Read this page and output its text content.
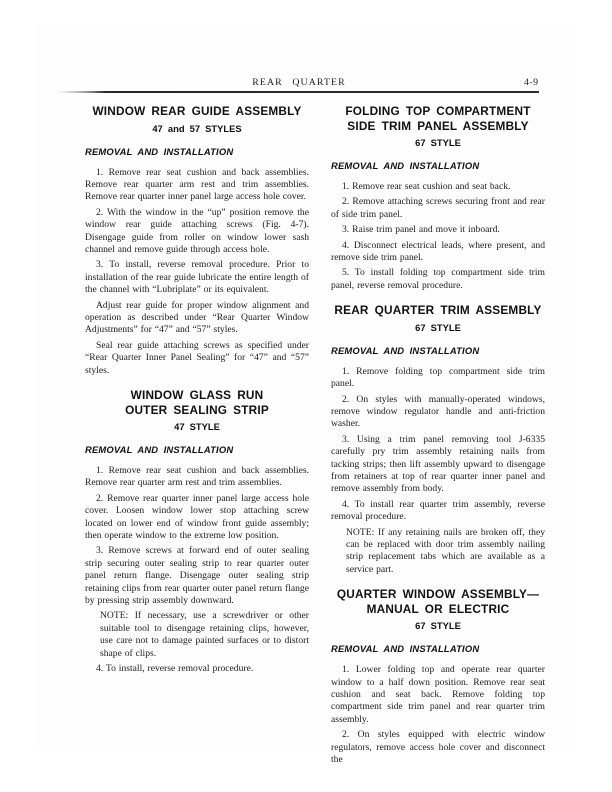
REAR QUARTER	4-9
WINDOW REAR GUIDE ASSEMBLY
47 and 57 STYLES
REMOVAL AND INSTALLATION

1. Remove rear seat cushion and back assemblies. Remove rear quarter arm rest and trim assemblies. Remove rear quarter inner panel large access hole cover.

2. With the window in the “up” position remove the window rear guide attaching screws (Fig. 4-7). Disengage guide from roller on window lower sash channel and remove guide through access hole.

3. To install, reverse removal procedure. Prior to installation of the rear guide lubricate the entire length of the channel with “Lubriplate” or its equivalent.

Adjust rear guide for proper window alignment and operation as described under “Rear Quarter Window Adjustments” for “47” and “57” styles.

Seal rear guide attaching screws as specified under “Rear Quarter Inner Panel Sealing” for “47” and “57” styles.

WINDOW GLASS RUN
OUTER SEALING STRIP
47 STYLE
REMOVAL AND INSTALLATION

1. Remove rear seat cushion and back assemblies. Remove rear quarter arm rest and trim assemblies.

2. Remove rear quarter inner panel large access hole cover. Loosen window lower stop attaching screw located on lower end of window front guide assembly; then operate window to the extreme low position.

3. Remove screws at forward end of outer sealing strip securing outer sealing strip to rear quarter outer panel return flange. Disengage outer sealing strip retaining clips from rear quarter outer panel return flange by pressing strip assembly downward.

NOTE: If necessary, use a screwdriver or other suitable tool to disengage retaining clips, however, use care not to damage painted surfaces or to distort shape of clips.

4. To install, reverse removal procedure.

FOLDING TOP COMPARTMENT
SIDE TRIM PANEL ASSEMBLY
67 STYLE
REMOVAL AND INSTALLATION

1. Remove rear seat cushion and seat back.

2. Remove attaching screws securing front and rear of side trim panel.

3. Raise trim panel and move it inboard.

4. Disconnect electrical leads, where present, and remove side trim panel.

5. To install folding top compartment side trim panel, reverse removal procedure.

REAR QUARTER TRIM ASSEMBLY
67 STYLE
REMOVAL AND INSTALLATION

1. Remove folding top compartment side trim panel.

2. On styles with manually-operated windows, remove window regulator handle and anti-friction washer.

3. Using a trim panel removing tool J-6335 carefully pry trim assembly retaining nails from tacking strips; then lift assembly upward to disengage from retainers at top of rear quarter inner panel and remove assembly from body.

4. To install rear quarter trim assembly, reverse removal procedure.

NOTE: If any retaining nails are broken off, they can be replaced with door trim assembly nailing strip replacement tabs which are available as a service part.

QUARTER WINDOW ASSEMBLY—
MANUAL OR ELECTRIC
67 STYLE
REMOVAL AND INSTALLATION

1. Lower folding top and operate rear quarter window to a half down position. Remove rear seat cushion and seat back. Remove folding top compartment side trim panel and rear quarter trim assembly.

2. On styles equipped with electric window regulators, remove access hole cover and disconnect the
